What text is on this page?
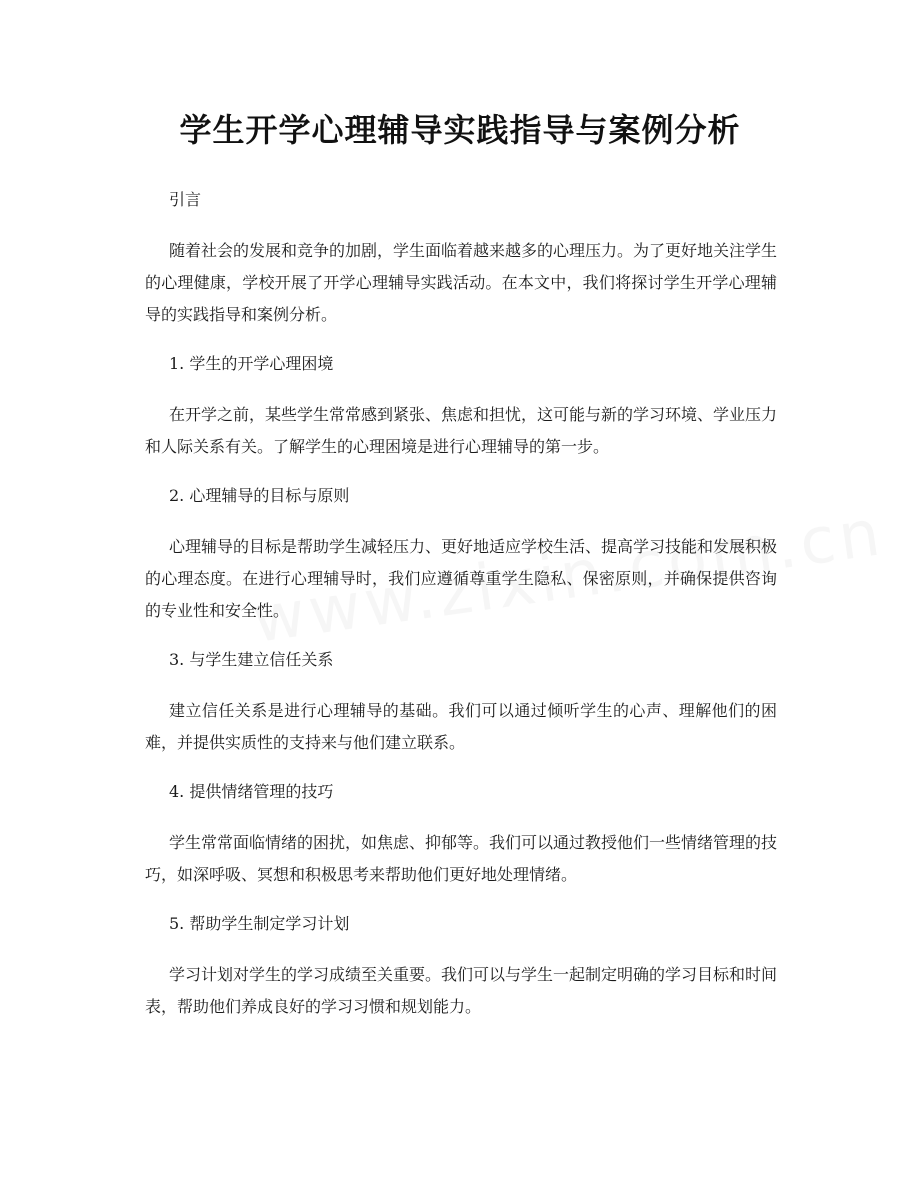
学生开学心理辅导实践指导与案例分析

引言

随着社会的发展和竞争的加剧，学生面临着越来越多的心理压力。为了更好地关注学生的心理健康，学校开展了开学心理辅导实践活动。在本文中，我们将探讨学生开学心理辅导的实践指导和案例分析。

1. 学生的开学心理困境

在开学之前，某些学生常常感到紧张、焦虑和担忧，这可能与新的学习环境、学业压力和人际关系有关。了解学生的心理困境是进行心理辅导的第一步。

2. 心理辅导的目标与原则

心理辅导的目标是帮助学生减轻压力、更好地适应学校生活、提高学习技能和发展积极的心理态度。在进行心理辅导时，我们应遵循尊重学生隐私、保密原则，并确保提供咨询的专业性和安全性。

3. 与学生建立信任关系

建立信任关系是进行心理辅导的基础。我们可以通过倾听学生的心声、理解他们的困难，并提供实质性的支持来与他们建立联系。

4. 提供情绪管理的技巧

学生常常面临情绪的困扰，如焦虑、抑郁等。我们可以通过教授他们一些情绪管理的技巧，如深呼吸、冥想和积极思考来帮助他们更好地处理情绪。

5. 帮助学生制定学习计划

学习计划对学生的学习成绩至关重要。我们可以与学生一起制定明确的学习目标和时间表，帮助他们养成良好的学习习惯和规划能力。
